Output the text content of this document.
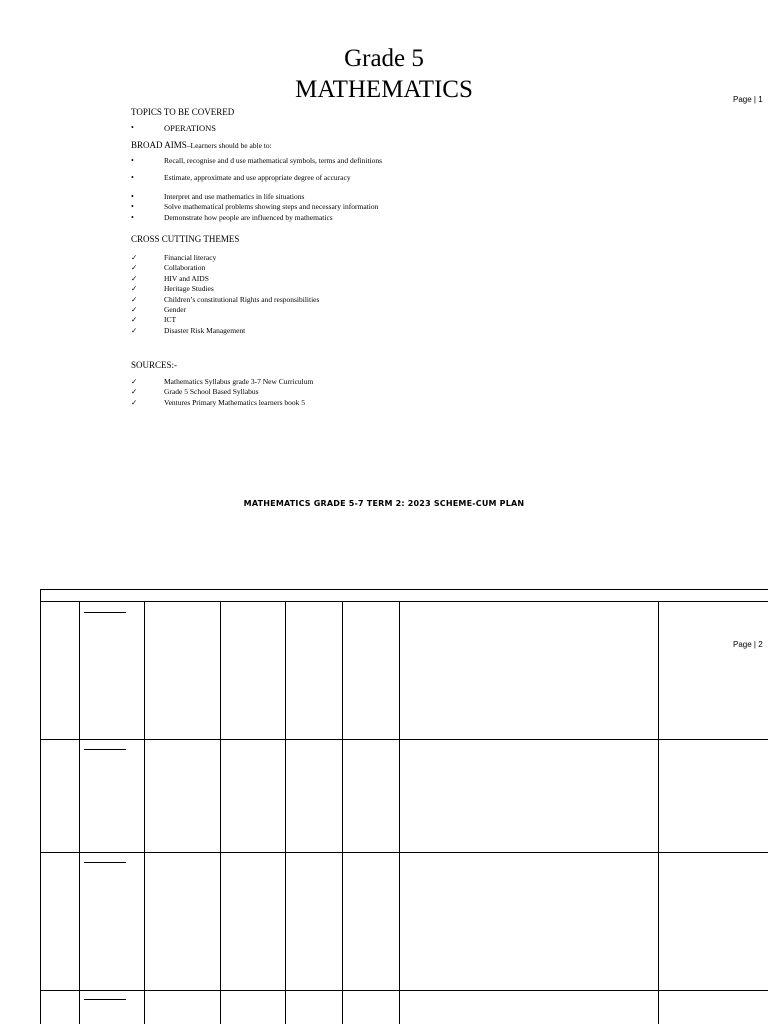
Grade 5
MATHEMATICS	Page | 1
TOPICS TO BE COVERED
•	OPERATIONS
BROAD AIMS–Learners should be able to:
•	Recall, recognise and d use mathematical symbols, terms and definitions
•	Estimate, approximate and use appropriate degree of accuracy
•	Interpret and use mathematics in life situations
•	Solve mathematical problems showing steps and necessary information
•	Demonstrate how people are influenced by mathematics
CROSS CUTTING THEMES
✓	Financial literacy
✓	Collaboration
✓	HIV and AIDS
✓	Heritage Studies
✓	Children’s constitutional Rights and responsibilities
✓	Gender
✓	ICT
✓	Disaster Risk Management
SOURCES:-
✓	Mathematics Syllabus grade 3-7 New Curriculum
✓	Grade 5 School Based Syllabus
✓	Ventures Primary Mathematics learners book 5
MATHEMATICS GRADE 5-7 TERM 2: 2023 SCHEME-CUM PLAN
Page | 2
